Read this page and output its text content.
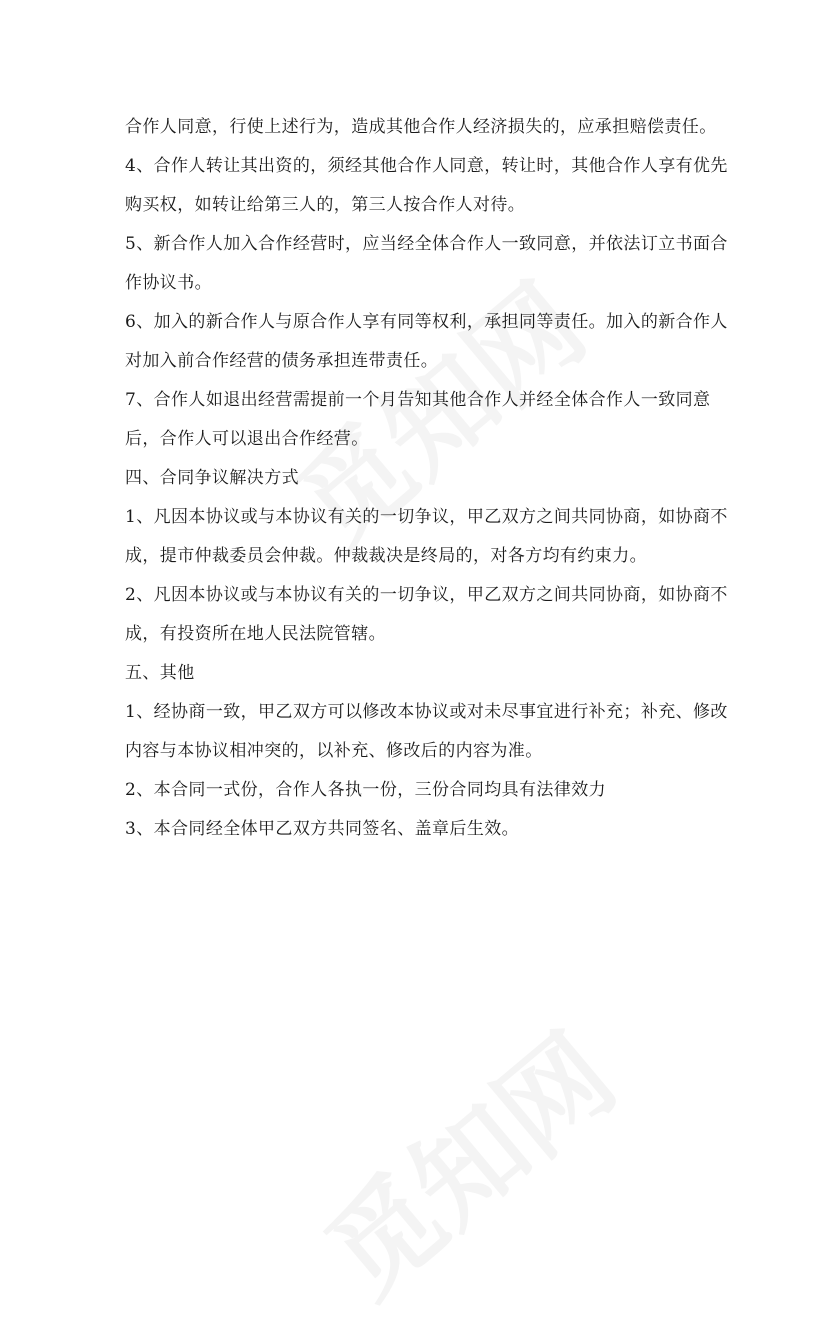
合作人同意，行使上述行为，造成其他合作人经济损失的，应承担赔偿责任。
4、合作人转让其出资的，须经其他合作人同意，转让时，其他合作人享有优先
购买权，如转让给第三人的，第三人按合作人对待。
5、新合作人加入合作经营时，应当经全体合作人一致同意，并依法订立书面合
作协议书。
6、加入的新合作人与原合作人享有同等权利，承担同等责任。加入的新合作人
对加入前合作经营的债务承担连带责任。
7、合作人如退出经营需提前一个月告知其他合作人并经全体合作人一致同意
后，合作人可以退出合作经营。
四、合同争议解决方式
1、凡因本协议或与本协议有关的一切争议，甲乙双方之间共同协商，如协商不
成，提市仲裁委员会仲裁。仲裁裁决是终局的，对各方均有约束力。
2、凡因本协议或与本协议有关的一切争议，甲乙双方之间共同协商，如协商不
成，有投资所在地人民法院管辖。
五、其他
1、经协商一致，甲乙双方可以修改本协议或对未尽事宜进行补充；补充、修改
内容与本协议相冲突的，以补充、修改后的内容为准。
2、本合同一式份，合作人各执一份，三份合同均具有法律效力
3、本合同经全体甲乙双方共同签名、盖章后生效。
